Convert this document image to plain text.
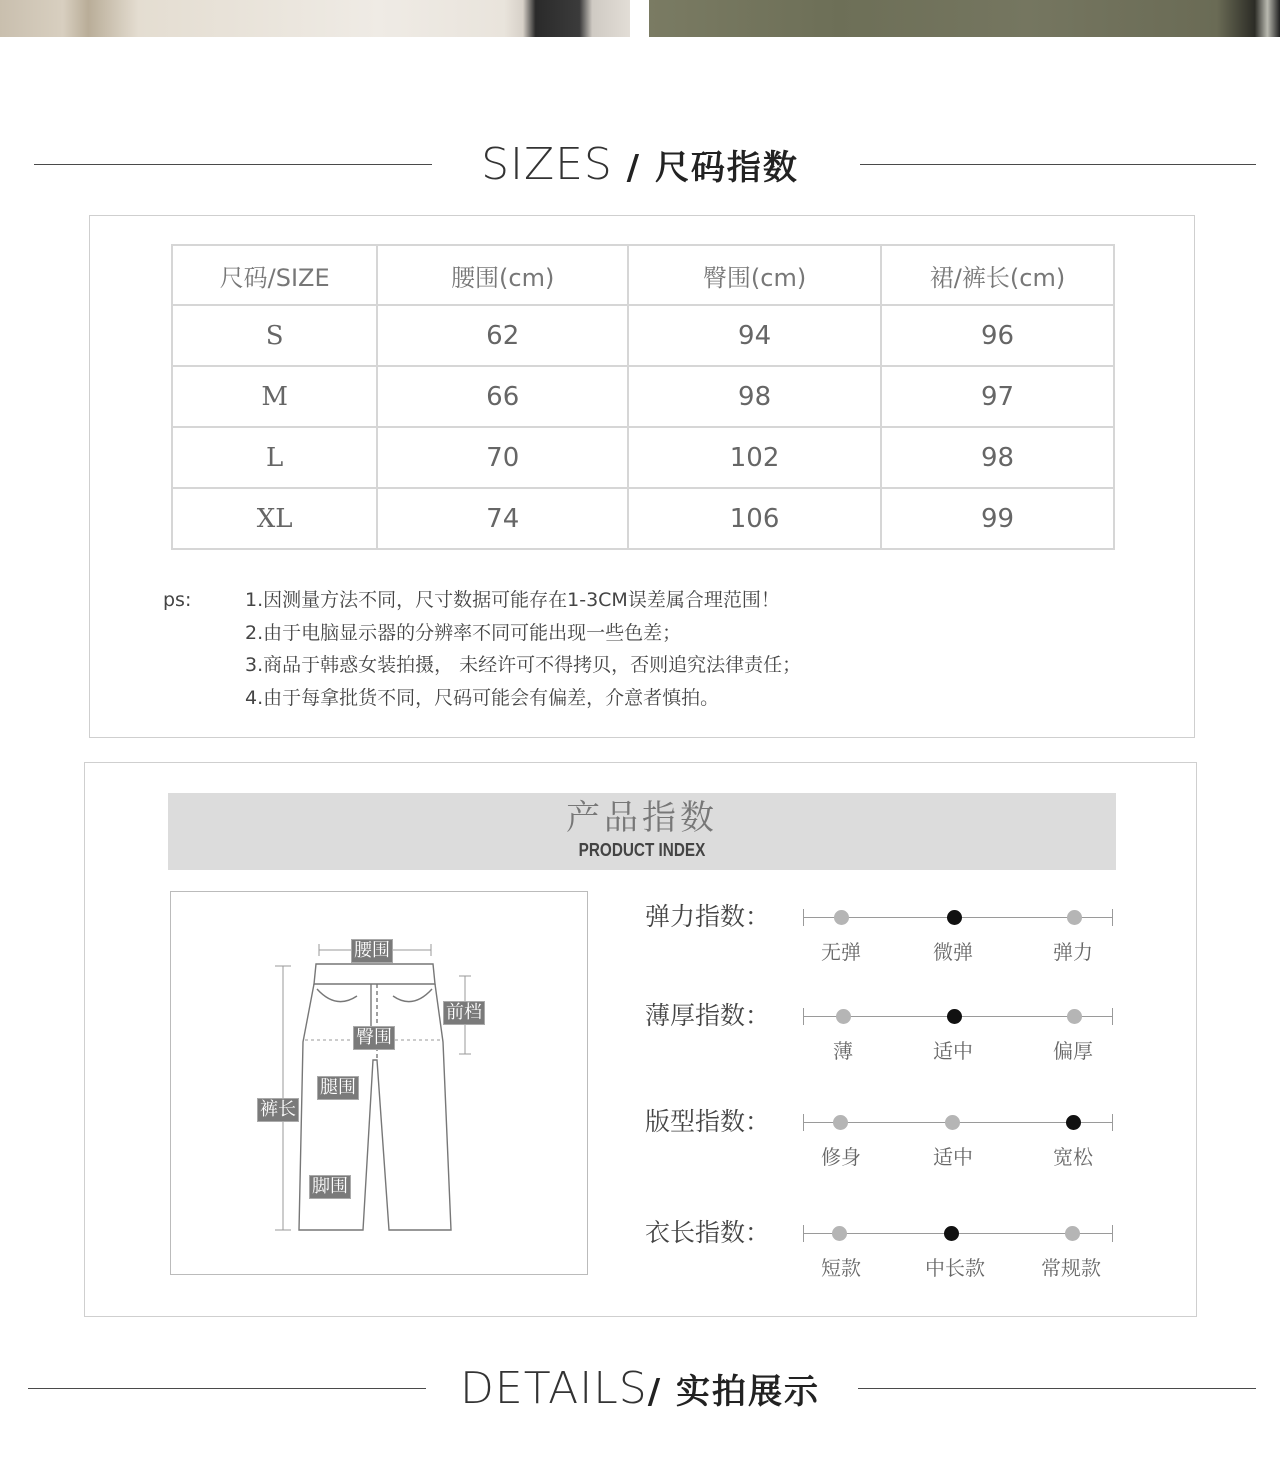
SIZES / 尺码指数
尺码/SIZE	腰围(cm)	臀围(cm)	裙/裤长(cm)
S	62	94	96
M	66	98	97
L	70	102	98
XL	74	106	99
ps:	1.因测量方法不同，尺寸数据可能存在1-3CM误差属合理范围！
2.由于电脑显示器的分辨率不同可能出现一些色差；
3.商品于韩惑女装拍摄， 未经许可不得拷贝，否则追究法律责任；
4.由于每拿批货不同，尺码可能会有偏差，介意者慎拍。
产品指数
PRODUCT INDEX
腰围
前档
臀围
腿围
裤长
脚围
弹力指数：
无弹	微弹	弹力
薄厚指数：
薄	适中	偏厚
版型指数：
修身	适中	宽松
衣长指数：
短款	中长款	常规款
DETAILS/ 实拍展示
